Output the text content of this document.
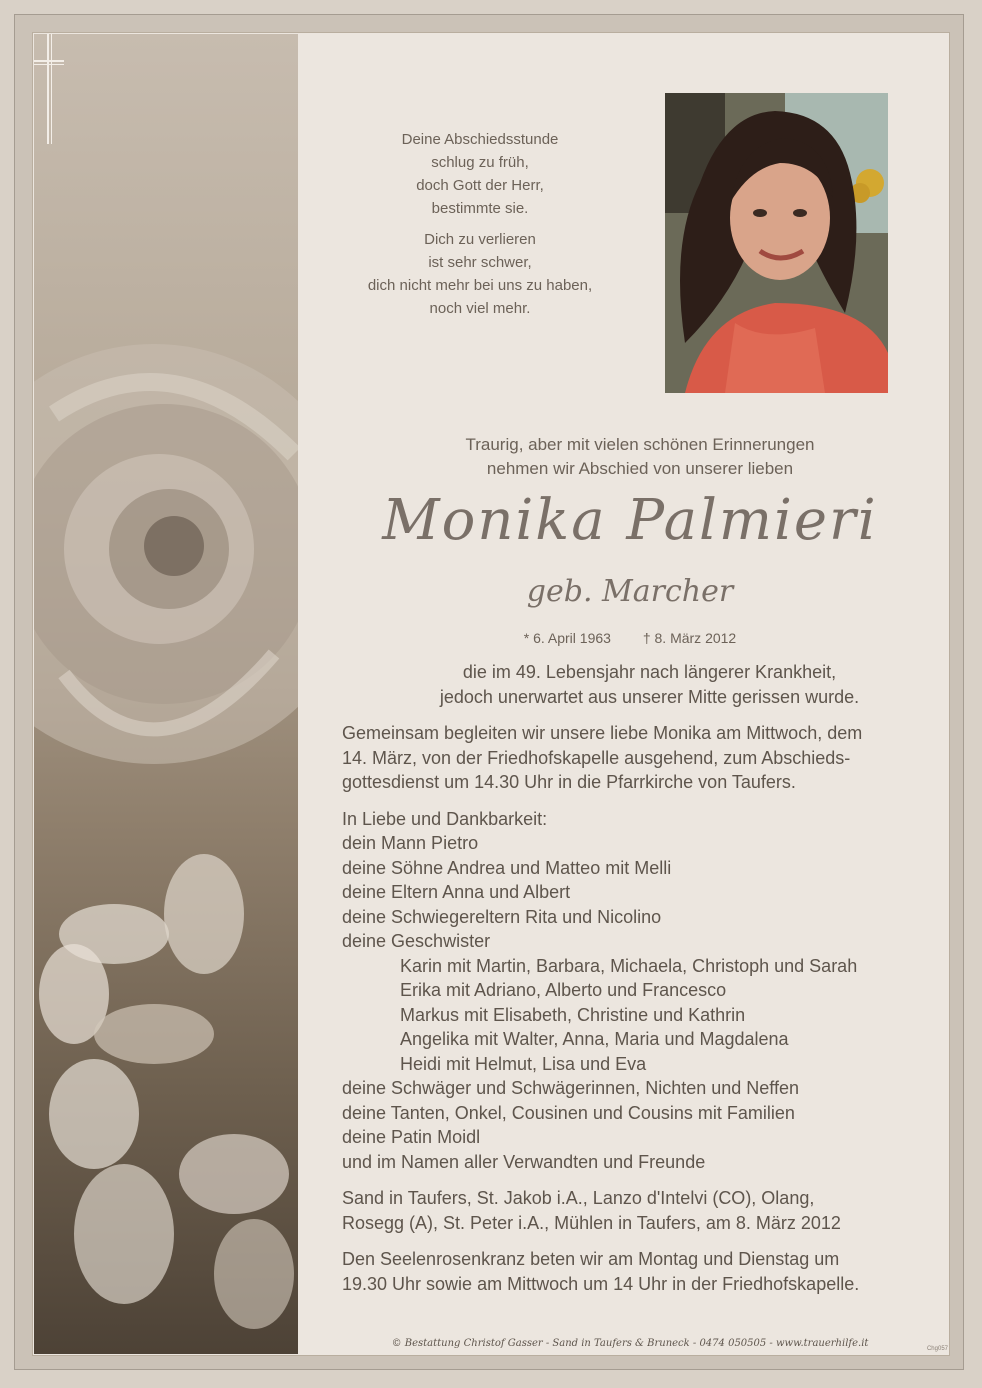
Deine Abschiedsstunde
schlug zu früh,
doch Gott der Herr,
bestimmte sie.
Dich zu verlieren
ist sehr schwer,
dich nicht mehr bei uns zu haben,
noch viel mehr.
Traurig, aber mit vielen schönen Erinnerungen
nehmen wir Abschied von unserer lieben
Monika Palmieri
geb. Marcher
* 6. April 1963 † 8. März 2012
die im 49. Lebensjahr nach längerer Krankheit,
jedoch unerwartet aus unserer Mitte gerissen wurde.
Gemeinsam begleiten wir unsere liebe Monika am Mittwoch, dem
14. März, von der Friedhofskapelle ausgehend, zum Abschieds-
gottesdienst um 14.30 Uhr in die Pfarrkirche von Taufers.
In Liebe und Dankbarkeit:
dein Mann Pietro
deine Söhne Andrea und Matteo mit Melli
deine Eltern Anna und Albert
deine Schwiegereltern Rita und Nicolino
deine Geschwister
Karin mit Martin, Barbara, Michaela, Christoph und Sarah
Erika mit Adriano, Alberto und Francesco
Markus mit Elisabeth, Christine und Kathrin
Angelika mit Walter, Anna, Maria und Magdalena
Heidi mit Helmut, Lisa und Eva
deine Schwäger und Schwägerinnen, Nichten und Neffen
deine Tanten, Onkel, Cousinen und Cousins mit Familien
deine Patin Moidl
und im Namen aller Verwandten und Freunde
Sand in Taufers, St. Jakob i.A., Lanzo d'Intelvi (CO), Olang,
Rosegg (A), St. Peter i.A., Mühlen in Taufers, am 8. März 2012
Den Seelenrosenkranz beten wir am Montag und Dienstag um
19.30 Uhr sowie am Mittwoch um 14 Uhr in der Friedhofskapelle.
© Bestattung Christof Gasser - Sand in Taufers & Bruneck - 0474 050505 - www.trauerhilfe.it	Chg057
